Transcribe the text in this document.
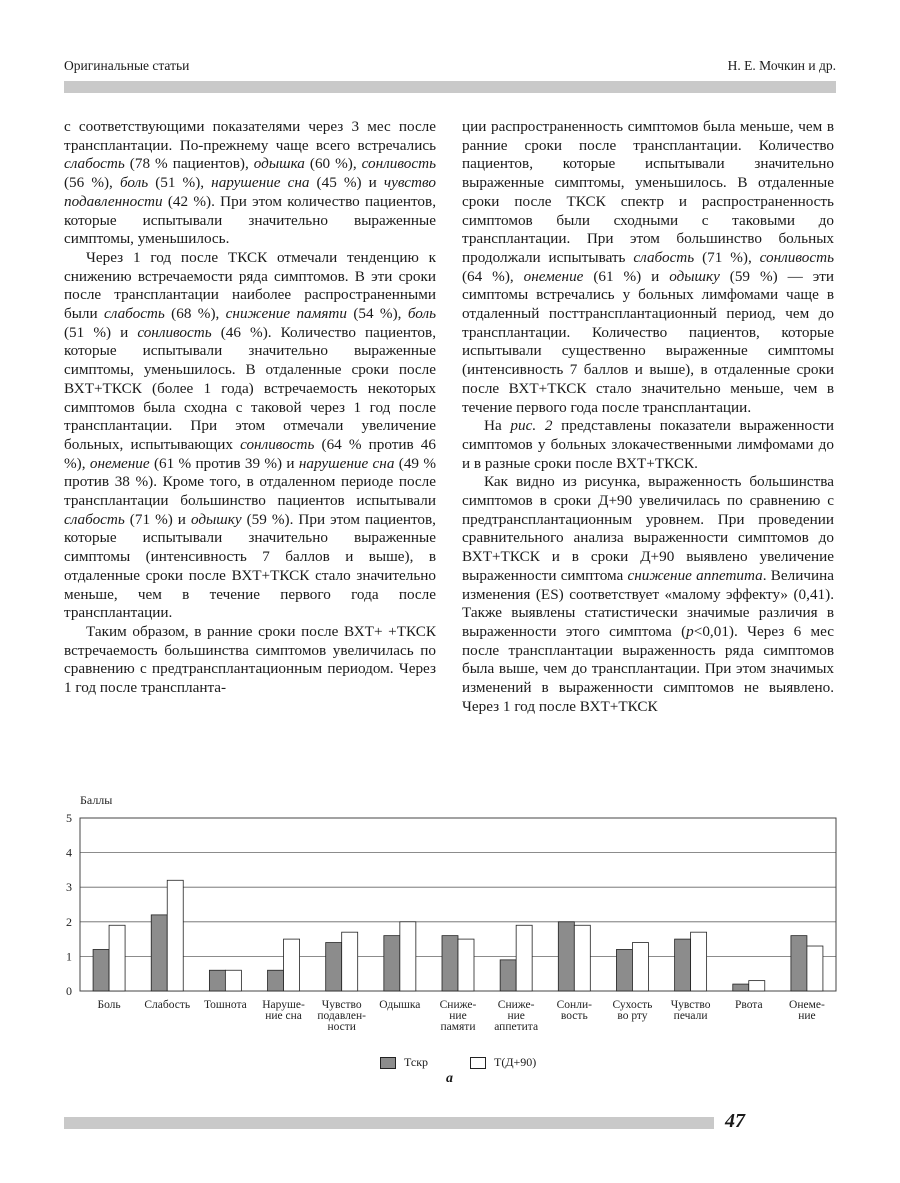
Оригинальные статьи	Н. Е. Мочкин и др.

с соответствующими показателями через 3 мес после трансплантации. По-прежнему чаще всего встречались слабость (78 % пациентов), одышка (60 %), сонливость (56 %), боль (51 %), нарушение сна (45 %) и чувство подавленности (42 %). При этом количество пациентов, которые испытывали значительно выраженные симптомы, уменьшилось.

Через 1 год после ТКСК отмечали тенденцию к снижению встречаемости ряда симптомов. В эти сроки после трансплантации наиболее распространенными были слабость (68 %), снижение памяти (54 %), боль (51 %) и сонливость (46 %). Количество пациентов, которые испытывали значительно выраженные симптомы, уменьшилось. В отдаленные сроки после ВХТ+ТКСК (более 1 года) встречаемость некоторых симптомов была сходна с таковой через 1 год после трансплантации. При этом отмечали увеличение больных, испытывающих сонливость (64 % против 46 %), онемение (61 % против 39 %) и нарушение сна (49 % против 38 %). Кроме того, в отдаленном периоде после трансплантации большинство пациентов испытывали слабость (71 %) и одышку (59 %). При этом пациентов, которые испытывали значительно выраженные симптомы (интенсивность 7 баллов и выше), в отдаленные сроки после ВХТ+ТКСК стало значительно меньше, чем в течение первого года после трансплантации.

Таким образом, в ранние сроки после ВХТ+ +ТКСК встречаемость большинства симптомов увеличилась по сравнению с предтрансплантационным периодом. Через 1 год после транспланта-

ции распространенность симптомов была меньше, чем в ранние сроки после трансплантации. Количество пациентов, которые испытывали значительно выраженные симптомы, уменьшилось. В отдаленные сроки после ТКСК спектр и распространенность симптомов были сходными с таковыми до трансплантации. При этом большинство больных продолжали испытывать слабость (71 %), сонливость (64 %), онемение (61 %) и одышку (59 %) — эти симптомы встречались у больных лимфомами чаще в отдаленный посттрансплантационный период, чем до трансплантации. Количество пациентов, которые испытывали существенно выраженные симптомы (интенсивность 7 баллов и выше), в отдаленные сроки после ВХТ+ТКСК стало значительно меньше, чем в течение первого года после трансплантации.

На рис. 2 представлены показатели выраженности симптомов у больных злокачественными лимфомами до и в разные сроки после ВХТ+ТКСК.

Как видно из рисунка, выраженность большинства симптомов в сроки Д+90 увеличилась по сравнению с предтрансплантационным уровнем. При проведении сравнительного анализа выраженности симптомов до ВХТ+ТКСК и в сроки Д+90 выявлено увеличение выраженности симптома снижение аппетита. Величина изменения (ES) соответствует «малому эффекту» (0,41). Также выявлены статистически значимые различия в выраженности этого симптома (р<0,01). Через 6 мес после трансплантации выраженность ряда симптомов была выше, чем до трансплантации. При этом значимых изменений в выраженности симптомов не выявлено. Через 1 год после ВХТ+ТКСК

Баллы
0
1
2
3
4
5
Боль Слабость Тошнота Наруше-ние сна
Чувство подавлен-ности
Одышка Сниже-ние памяти
Сниже-ние аппетита
Сонли-вость
Сухость во рту
Чувство печали
Рвота Онеме-ние
Тскр	Т(Д+90)
а
47
